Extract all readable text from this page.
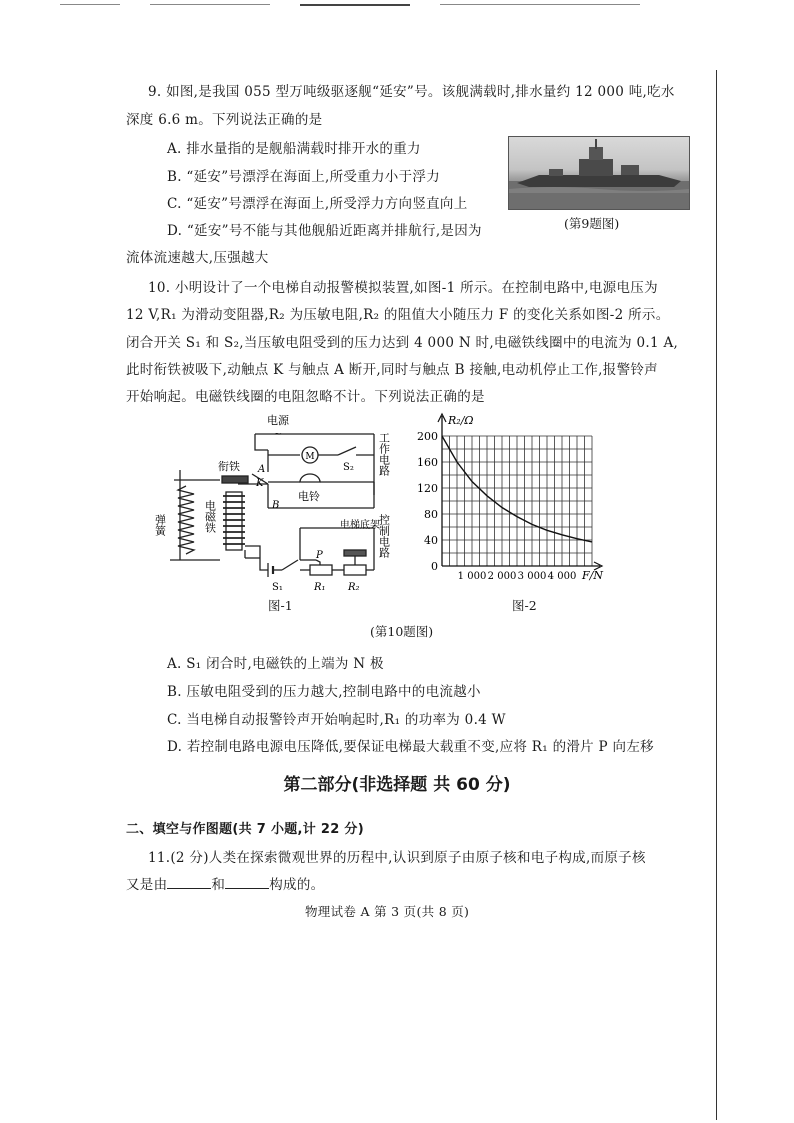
9. 如图,是我国 055 型万吨级驱逐舰“延安”号。该舰满载时,排水量约 12 000 吨,吃水
深度 6.6 m。下列说法正确的是
A. 排水量指的是舰船满载时排开水的重力
B. “延安”号漂浮在海面上,所受重力小于浮力
C. “延安”号漂浮在海面上,所受浮力方向竖直向上
D. “延安”号不能与其他舰船近距离并排航行,是因为
流体流速越大,压强越大
(第9题图)
10. 小明设计了一个电梯自动报警模拟装置,如图-1 所示。在控制电路中,电源电压为
12 V,R₁ 为滑动变阻器,R₂ 为压敏电阻,R₂ 的阻值大小随压力 F 的变化关系如图-2 所示。
闭合开关 S₁ 和 S₂,当压敏电阻受到的压力达到 4 000 N 时,电磁铁线圈中的电流为 0.1 A,
此时衔铁被吸下,动触点 K 与触点 A 断开,同时与触点 B 接触,电动机停止工作,报警铃声
开始响起。电磁铁线圈的电阻忽略不计。下列说法正确的是
电源
~
M
S₂
电铃
A
K
B
衔铁
弹簧	电磁铁
工作电路
控制电路
电梯底架
S₁
P
R₁ R₂
图-1
R₂/Ω
F/N
200
160
120
80
40
0
1 000 2 000 3 000 4 000
图-2
(第10题图)
A. S₁ 闭合时,电磁铁的上端为 N 极
B. 压敏电阻受到的压力越大,控制电路中的电流越小
C. 当电梯自动报警铃声开始响起时,R₁ 的功率为 0.4 W
D. 若控制电路电源电压降低,要保证电梯最大载重不变,应将 R₁ 的滑片 P 向左移
第二部分(非选择题 共 60 分)
二、填空与作图题(共 7 小题,计 22 分)
11.(2 分)人类在探索微观世界的历程中,认识到原子由原子核和电子构成,而原子核
又是由	和	构成的。
物理试卷 A 第 3 页(共 8 页)
